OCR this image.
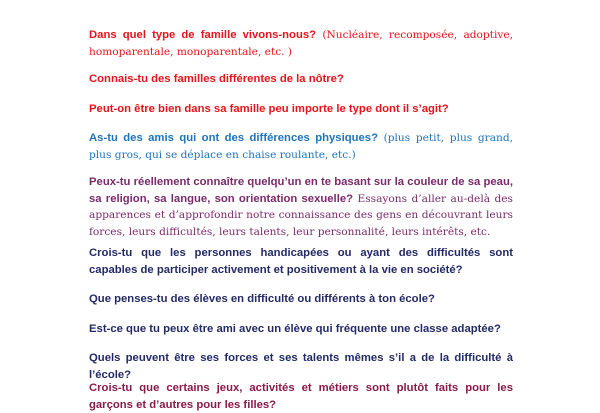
Dans quel type de famille vivons-nous? (Nucléaire, recomposée, adoptive, homoparentale, monoparentale, etc. )

Connais-tu des familles différentes de la nôtre?

Peut-on être bien dans sa famille peu importe le type dont il s’agit?

As-tu des amis qui ont des différences physiques? (plus petit, plus grand, plus gros, qui se déplace en chaise roulante, etc.)

Peux-tu réellement connaître quelqu’un en te basant sur la couleur de sa peau, sa religion, sa langue, son orientation sexuelle? Essayons d’aller au-delà des apparences et d’approfondir notre connaissance des gens en découvrant leurs forces, leurs difficultés, leurs talents, leur personnalité, leurs intérêts, etc.

Crois-tu que les personnes handicapées ou ayant des difficultés sont capables de participer activement et positivement à la vie en société?

Que penses-tu des élèves en difficulté ou différents à ton école?

Est-ce que tu peux être ami avec un élève qui fréquente une classe adaptée?

Quels peuvent être ses forces et ses talents mêmes s’il a de la difficulté à l’école?

Crois-tu que certains jeux, activités et métiers sont plutôt faits pour les garçons et d’autres pour les filles?
